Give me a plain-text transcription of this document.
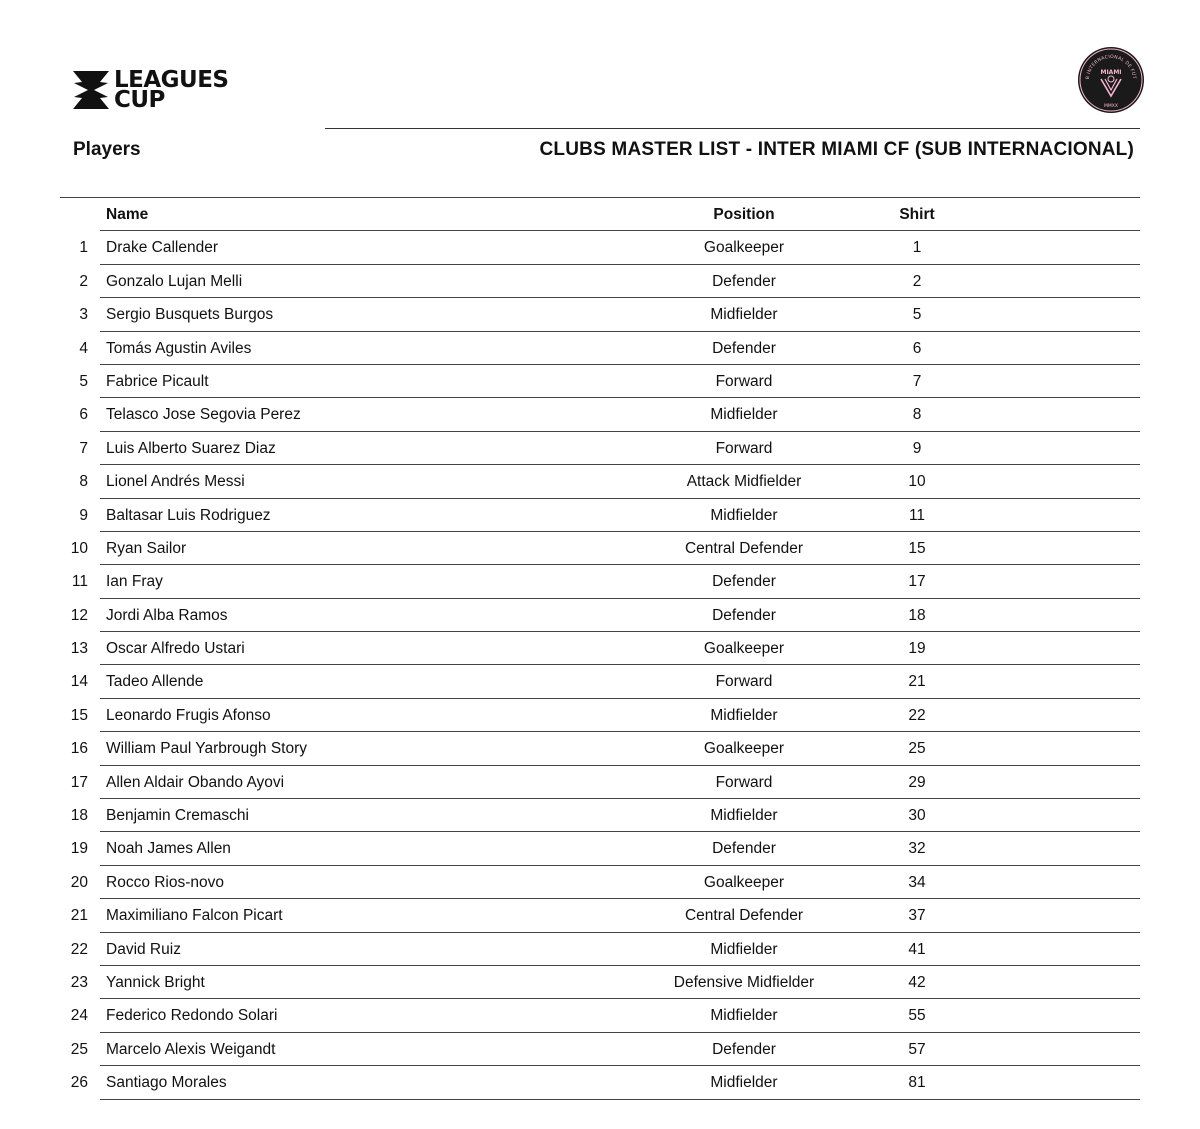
LEAGUES
CUP
B INTERNACIONAL DE FÚT
MIAMI
MMXX
Players	CLUBS MASTER LIST - INTER MIAMI CF (SUB INTERNACIONAL)
Name	Position	Shirt
1 Drake Callender	Goalkeeper	1
2 Gonzalo Lujan Melli	Defender	2
3 Sergio Busquets Burgos	Midfielder	5
4 Tomás Agustin Aviles	Defender	6
5 Fabrice Picault	Forward	7
6 Telasco Jose Segovia Perez	Midfielder	8
7 Luis Alberto Suarez Diaz	Forward	9
8 Lionel Andrés Messi	Attack Midfielder	10
9 Baltasar Luis Rodriguez	Midfielder	11
10 Ryan Sailor	Central Defender	15
11 Ian Fray	Defender	17
12 Jordi Alba Ramos	Defender	18
13 Oscar Alfredo Ustari	Goalkeeper	19
14 Tadeo Allende	Forward	21
15 Leonardo Frugis Afonso	Midfielder	22
16 William Paul Yarbrough Story	Goalkeeper	25
17 Allen Aldair Obando Ayovi	Forward	29
18 Benjamin Cremaschi	Midfielder	30
19 Noah James Allen	Defender	32
20 Rocco Rios-novo	Goalkeeper	34
21 Maximiliano Falcon Picart	Central Defender	37
22 David Ruiz	Midfielder	41
23 Yannick Bright	Defensive Midfielder	42
24 Federico Redondo Solari	Midfielder	55
25 Marcelo Alexis Weigandt	Defender	57
26 Santiago Morales	Midfielder	81
